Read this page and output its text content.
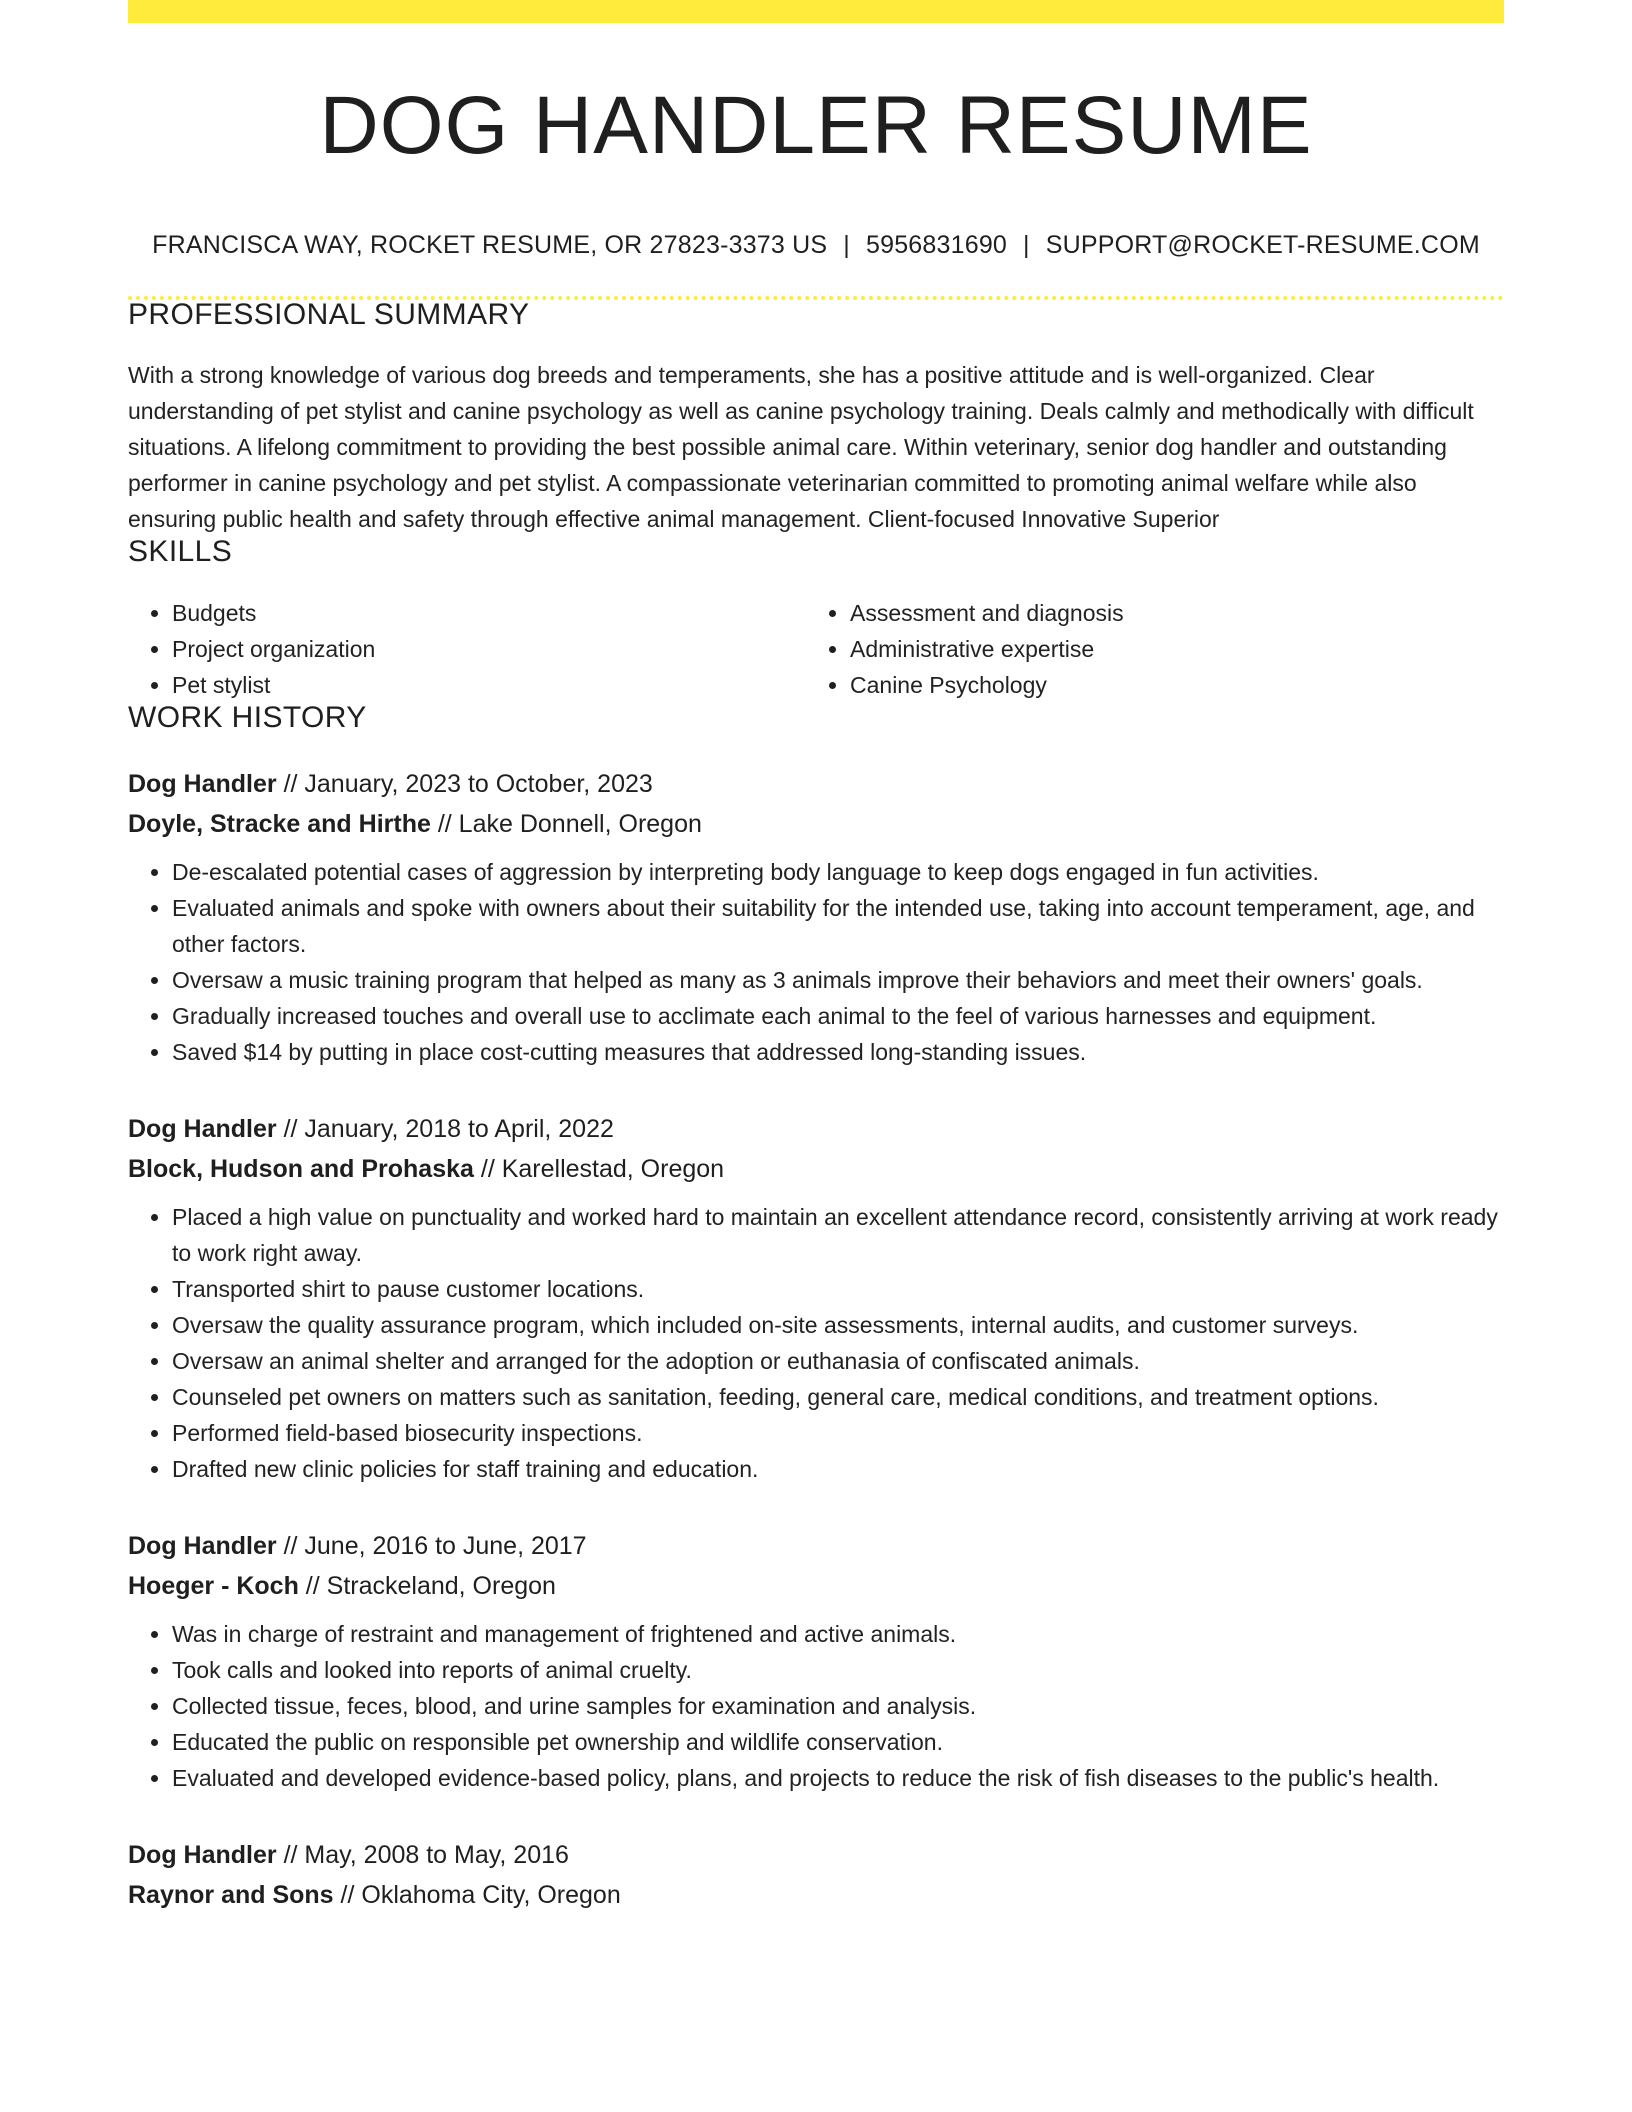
DOG HANDLER RESUME
FRANCISCA WAY, ROCKET RESUME, OR 27823-3373 US | 5956831690 | SUPPORT@ROCKET-RESUME.COM
PROFESSIONAL SUMMARY

With a strong knowledge of various dog breeds and temperaments, she has a positive attitude and is well-organized. Clear understanding of pet stylist and canine psychology as well as canine psychology training. Deals calmly and methodically with difficult situations. A lifelong commitment to providing the best possible animal care. Within veterinary, senior dog handler and outstanding performer in canine psychology and pet stylist. A compassionate veterinarian committed to promoting animal welfare while also ensuring public health and safety through effective animal management. Client-focused Innovative Superior

SKILLS
• Budgets
• Project organization
• Pet stylist
• Assessment and diagnosis
• Administrative expertise
• Canine Psychology
WORK HISTORY
Dog Handler // January, 2023 to October, 2023
Doyle, Stracke and Hirthe // Lake Donnell, Oregon
• De-escalated potential cases of aggression by interpreting body language to keep dogs engaged in fun activities.
• Evaluated animals and spoke with owners about their suitability for the intended use, taking into account temperament, age, and other factors.
• Oversaw a music training program that helped as many as 3 animals improve their behaviors and meet their owners' goals.
• Gradually increased touches and overall use to acclimate each animal to the feel of various harnesses and equipment.
• Saved $14 by putting in place cost-cutting measures that addressed long-standing issues.
Dog Handler // January, 2018 to April, 2022
Block, Hudson and Prohaska // Karellestad, Oregon
• Placed a high value on punctuality and worked hard to maintain an excellent attendance record, consistently arriving at work ready to work right away.
• Transported shirt to pause customer locations.
• Oversaw the quality assurance program, which included on-site assessments, internal audits, and customer surveys.
• Oversaw an animal shelter and arranged for the adoption or euthanasia of confiscated animals.
• Counseled pet owners on matters such as sanitation, feeding, general care, medical conditions, and treatment options.
• Performed field-based biosecurity inspections.
• Drafted new clinic policies for staff training and education.
Dog Handler // June, 2016 to June, 2017
Hoeger - Koch // Strackeland, Oregon
• Was in charge of restraint and management of frightened and active animals.
• Took calls and looked into reports of animal cruelty.
• Collected tissue, feces, blood, and urine samples for examination and analysis.
• Educated the public on responsible pet ownership and wildlife conservation.
• Evaluated and developed evidence-based policy, plans, and projects to reduce the risk of fish diseases to the public's health.
Dog Handler // May, 2008 to May, 2016
Raynor and Sons // Oklahoma City, Oregon
